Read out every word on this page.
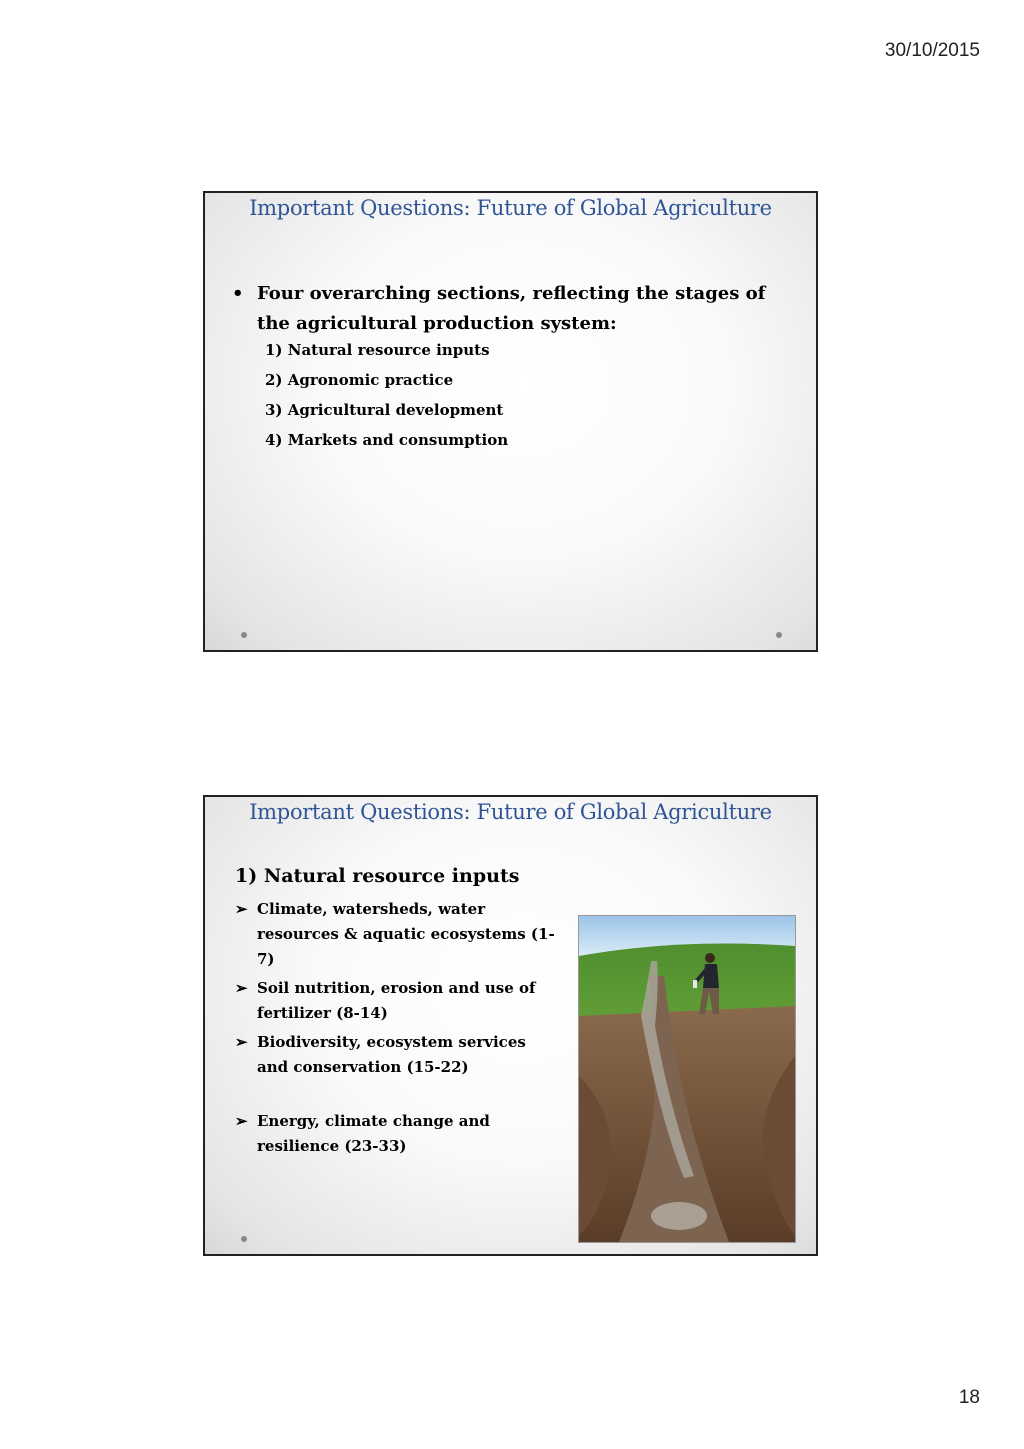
30/10/2015
Important Questions: Future of Global Agriculture
• Four overarching sections, reflecting the stages of the agricultural production system:
1) Natural resource inputs
2) Agronomic practice
3) Agricultural development
4) Markets and consumption
Important Questions: Future of Global Agriculture
1) Natural resource inputs
➢ Climate, watersheds, water resources & aquatic ecosystems (1-7)
➢ Soil nutrition, erosion and use of fertilizer (8-14)
➢ Biodiversity, ecosystem services and conservation (15-22)
➢ Energy, climate change and resilience (23-33)
18
